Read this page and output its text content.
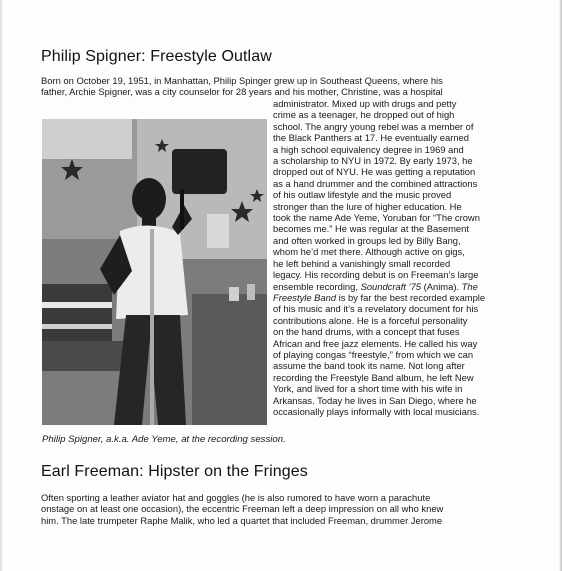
Philip Spigner: Freestyle Outlaw
Born on October 19, 1951, in Manhattan, Philip Spinger grew up in Southeast Queens, where his
father, Archie Spigner, was a city counselor for 28 years and his mother, Christine, was a hospital
administrator. Mixed up with drugs and petty
crime as a teenager, he dropped out of high
school. The angry young rebel was a member of
the Black Panthers at 17. He eventually earned
a high school equivalency degree in 1969 and
a scholarship to NYU in 1972. By early 1973, he
dropped out of NYU. He was getting a reputation
as a hand drummer and the combined attractions
of his outlaw lifestyle and the music proved
stronger than the lure of higher education. He
took the name Ade Yeme, Yoruban for “The crown
becomes me.” He was regular at the Basement
and often worked in groups led by Billy Bang,
whom he’d met there. Although active on gigs,
he left behind a vanishingly small recorded
legacy. His recording debut is on Freeman’s large
ensemble recording, Soundcraft ’75 (Anima). The
Freestyle Band is by far the best recorded example
of his music and it’s a revelatory document for his
contributions alone. He is a forceful personality
on the hand drums, with a concept that fuses
African and free jazz elements. He called his way
of playing congas “freestyle,” from which we can
assume the band took its name. Not long after
recording the Freestyle Band album, he left New
York, and lived for a short time with his wife in
Arkansas. Today he lives in San Diego, where he
occasionally plays informally with local musicians.

Philip Spigner, a.k.a. Ade Yeme, at the recording session.

Earl Freeman: Hipster on the Fringes
Often sporting a leather aviator hat and goggles (he is also rumored to have worn a parachute
onstage on at least one occasion), the eccentric Freeman left a deep impression on all who knew
him. The late trumpeter Raphe Malik, who led a quartet that included Freeman, drummer Jerome
